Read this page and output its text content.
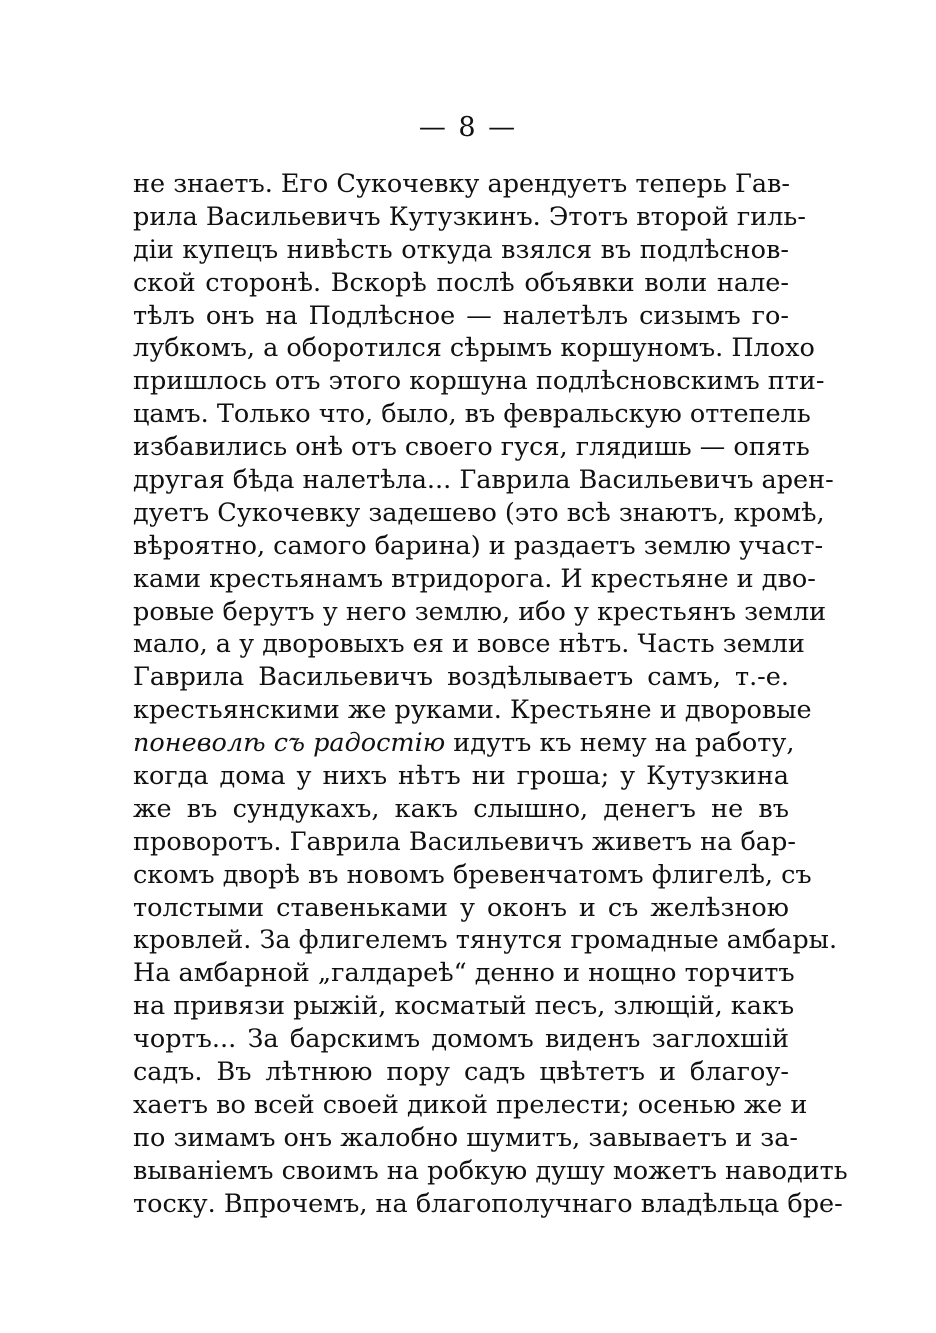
— 8 —
не знаетъ. Его Сукочевку арендуетъ теперь Гав-
рила Васильевичъ Кутузкинъ. Этотъ второй гиль-
дiи купецъ нивѣсть откуда взялся въ подлѣснов-
ской сторонѣ. Вскорѣ послѣ объявки воли нале-
тѣлъ онъ на Подлѣсное — налетѣлъ сизымъ го-
лубкомъ, а оборотился сѣрымъ коршуномъ. Плохо
пришлось отъ этого коршуна подлѣсновскимъ пти-
цамъ. Только что, было, въ февральскую оттепель
избавились онѣ отъ своего гуся, глядишь — опять
другая бѣда налетѣла... Гаврила Васильевичъ арен-
дуетъ Сукочевку задешево (это всѣ знаютъ, кромѣ,
вѣроятно, самого барина) и раздаетъ землю участ-
ками крестьянамъ втридорога. И крестьяне и дво-
ровые берутъ у него землю, ибо у крестьянъ земли
мало, а у дворовыхъ ея и вовсе нѣтъ. Часть земли
Гаврила Васильевичъ воздѣлываетъ самъ, т.-е.
крестьянскими же руками. Крестьяне и дворовые
поневолѣ съ радостiю идутъ къ нему на работу,
когда дома у нихъ нѣтъ ни гроша; у Кутузкина
же въ сундукахъ, какъ слышно, денегъ не въ
проворотъ. Гаврила Васильевичъ живетъ на бар-
скомъ дворѣ въ новомъ бревенчатомъ флигелѣ, съ
толстыми ставеньками у оконъ и съ желѣзною
кровлей. За флигелемъ тянутся громадные амбары.
На амбарной „галдареѣ“ денно и нощно торчитъ
на привязи рыжiй, косматый песъ, злющiй, какъ
чортъ... За барскимъ домомъ виденъ заглохшiй
садъ. Въ лѣтнюю пору садъ цвѣтетъ и благоу-
хаетъ во всей своей дикой прелести; осенью же и
по зимамъ онъ жалобно шумитъ, завываетъ и за-
выванiемъ своимъ на робкую душу можетъ наводить
тоску. Впрочемъ, на благополучнаго владѣльца бре-
